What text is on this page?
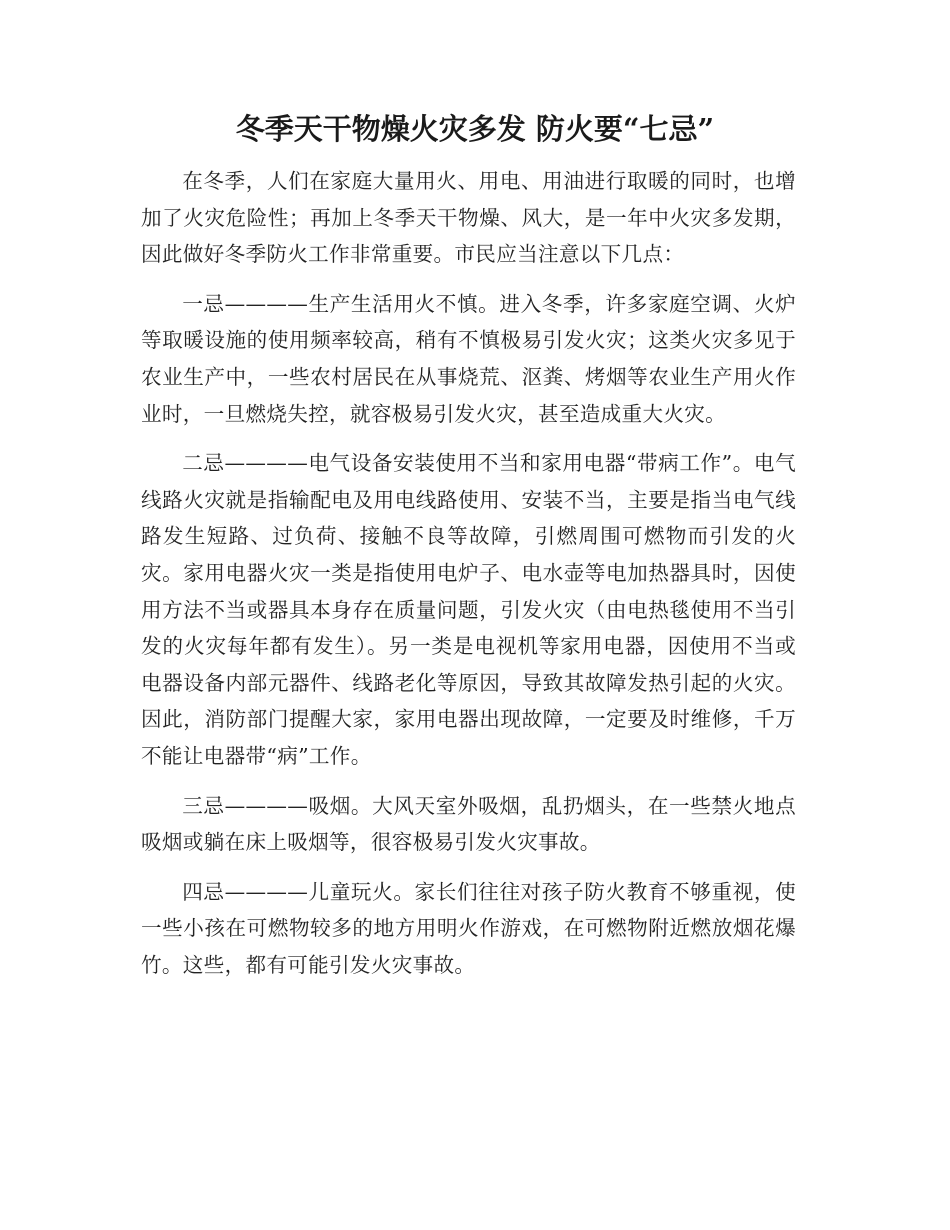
冬季天干物燥火灾多发 防火要“七忌”

在冬季，人们在家庭大量用火、用电、用油进行取暖的同时，也增加了火灾危险性；再加上冬季天干物燥、风大，是一年中火灾多发期，因此做好冬季防火工作非常重要。市民应当注意以下几点：

一忌————生产生活用火不慎。进入冬季，许多家庭空调、火炉等取暖设施的使用频率较高，稍有不慎极易引发火灾；这类火灾多见于农业生产中，一些农村居民在从事烧荒、沤粪、烤烟等农业生产用火作业时，一旦燃烧失控，就容极易引发火灾，甚至造成重大火灾。

二忌————电气设备安装使用不当和家用电器“带病工作”。电气线路火灾就是指输配电及用电线路使用、安装不当，主要是指当电气线路发生短路、过负荷、接触不良等故障，引燃周围可燃物而引发的火灾。家用电器火灾一类是指使用电炉子、电水壶等电加热器具时，因使用方法不当或器具本身存在质量问题，引发火灾（由电热毯使用不当引发的火灾每年都有发生）。另一类是电视机等家用电器，因使用不当或电器设备内部元器件、线路老化等原因，导致其故障发热引起的火灾。因此，消防部门提醒大家，家用电器出现故障，一定要及时维修，千万不能让电器带“病”工作。

三忌————吸烟。大风天室外吸烟，乱扔烟头，在一些禁火地点吸烟或躺在床上吸烟等，很容极易引发火灾事故。

四忌————儿童玩火。家长们往往对孩子防火教育不够重视，使一些小孩在可燃物较多的地方用明火作游戏，在可燃物附近燃放烟花爆竹。这些，都有可能引发火灾事故。
